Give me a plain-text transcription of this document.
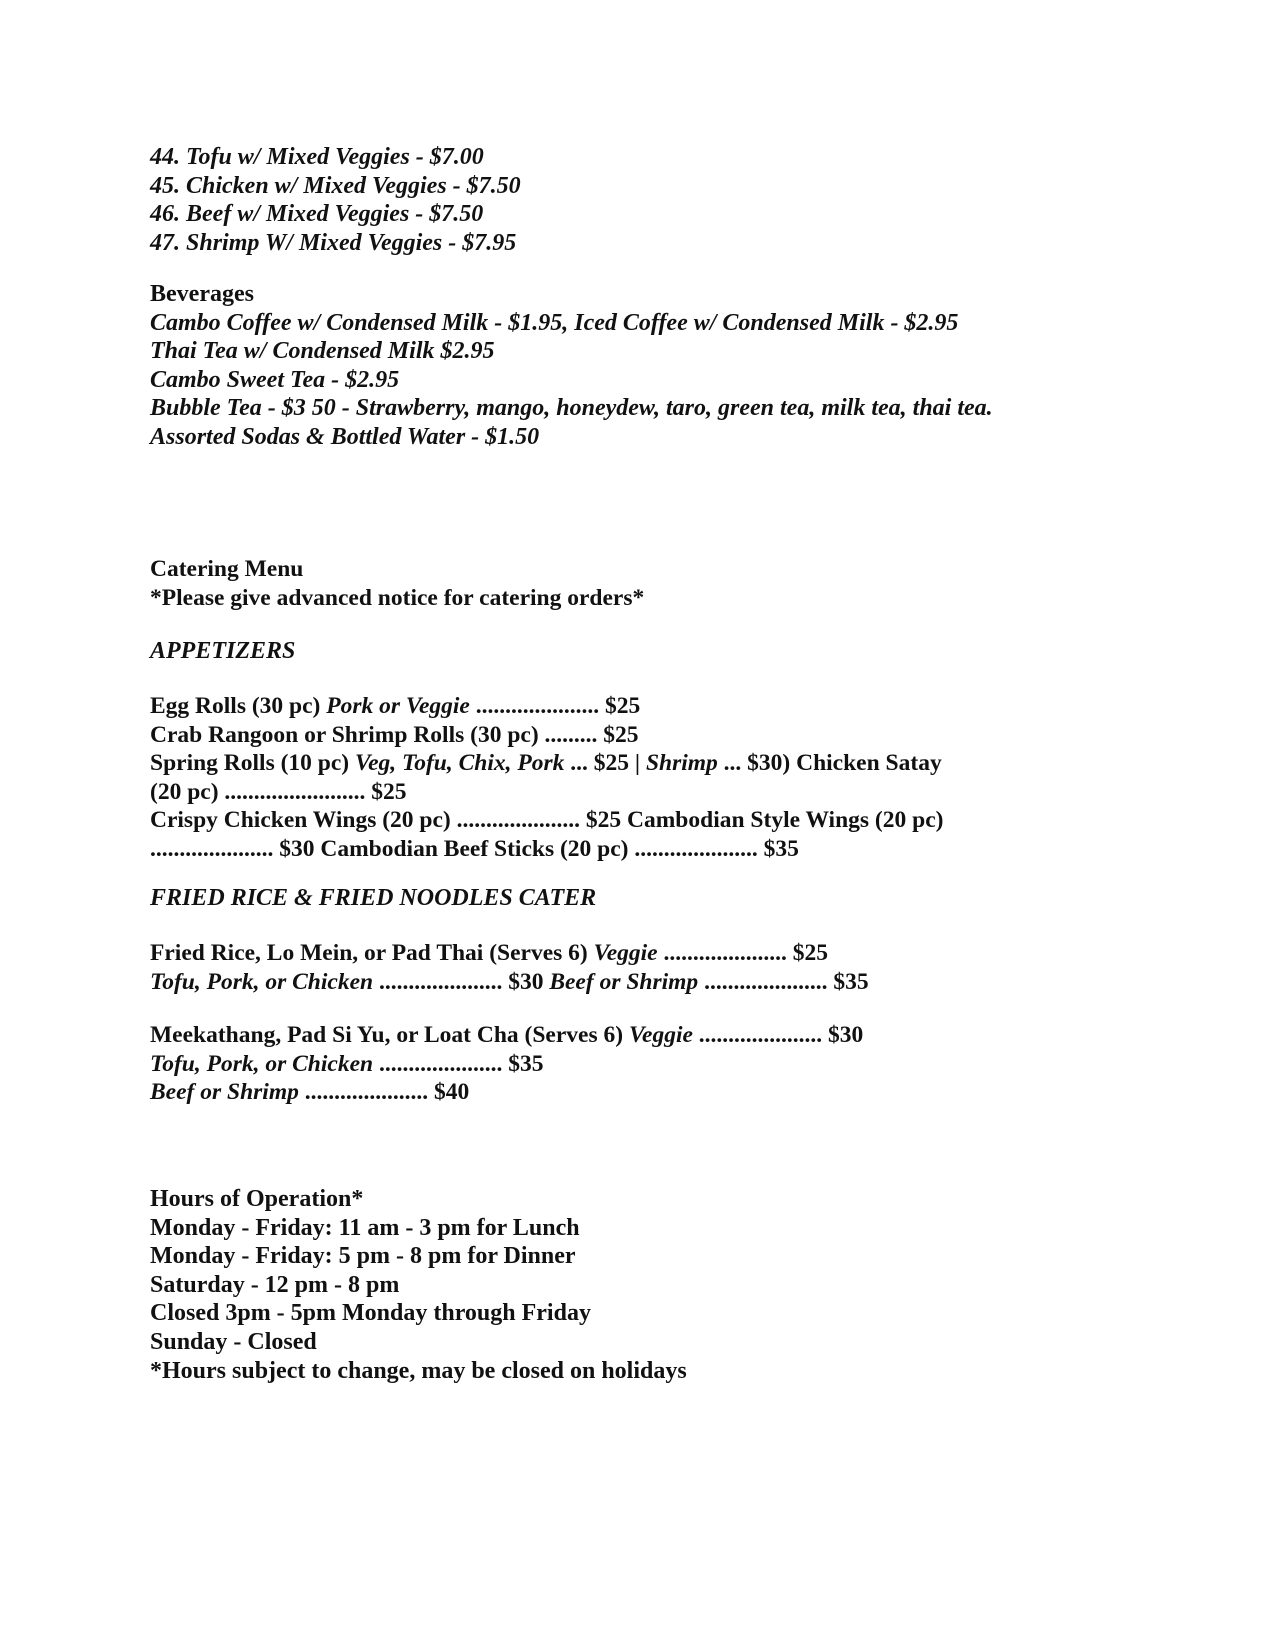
44. Tofu w/ Mixed Veggies - $7.00
45. Chicken w/ Mixed Veggies - $7.50
46. Beef w/ Mixed Veggies - $7.50
47. Shrimp W/ Mixed Veggies - $7.95
Beverages
Cambo Coffee w/ Condensed Milk - $1.95, Iced Coffee w/ Condensed Milk - $2.95
Thai Tea w/ Condensed Milk $2.95
Cambo Sweet Tea - $2.95
Bubble Tea - $3 50 - Strawberry, mango, honeydew, taro, green tea, milk tea, thai tea.
Assorted Sodas & Bottled Water - $1.50
Catering Menu
*Please give advanced notice for catering orders*
APPETIZERS
Egg Rolls (30 pc) Pork or Veggie ..................... $25
Crab Rangoon or Shrimp Rolls (30 pc) ......... $25
Spring Rolls (10 pc) Veg, Tofu, Chix, Pork ... $25 | Shrimp ... $30) Chicken Satay
(20 pc) ........................ $25
Crispy Chicken Wings (20 pc) ..................... $25 Cambodian Style Wings (20 pc)
..................... $30 Cambodian Beef Sticks (20 pc) ..................... $35
FRIED RICE & FRIED NOODLES CATER
Fried Rice, Lo Mein, or Pad Thai (Serves 6) Veggie ..................... $25
Tofu, Pork, or Chicken ..................... $30 Beef or Shrimp ..................... $35
Meekathang, Pad Si Yu, or Loat Cha (Serves 6) Veggie ..................... $30
Tofu, Pork, or Chicken ..................... $35
Beef or Shrimp ..................... $40
Hours of Operation*
Monday - Friday: 11 am - 3 pm for Lunch
Monday - Friday: 5 pm - 8 pm for Dinner
Saturday - 12 pm - 8 pm
Closed 3pm - 5pm Monday through Friday
Sunday - Closed
*Hours subject to change, may be closed on holidays
